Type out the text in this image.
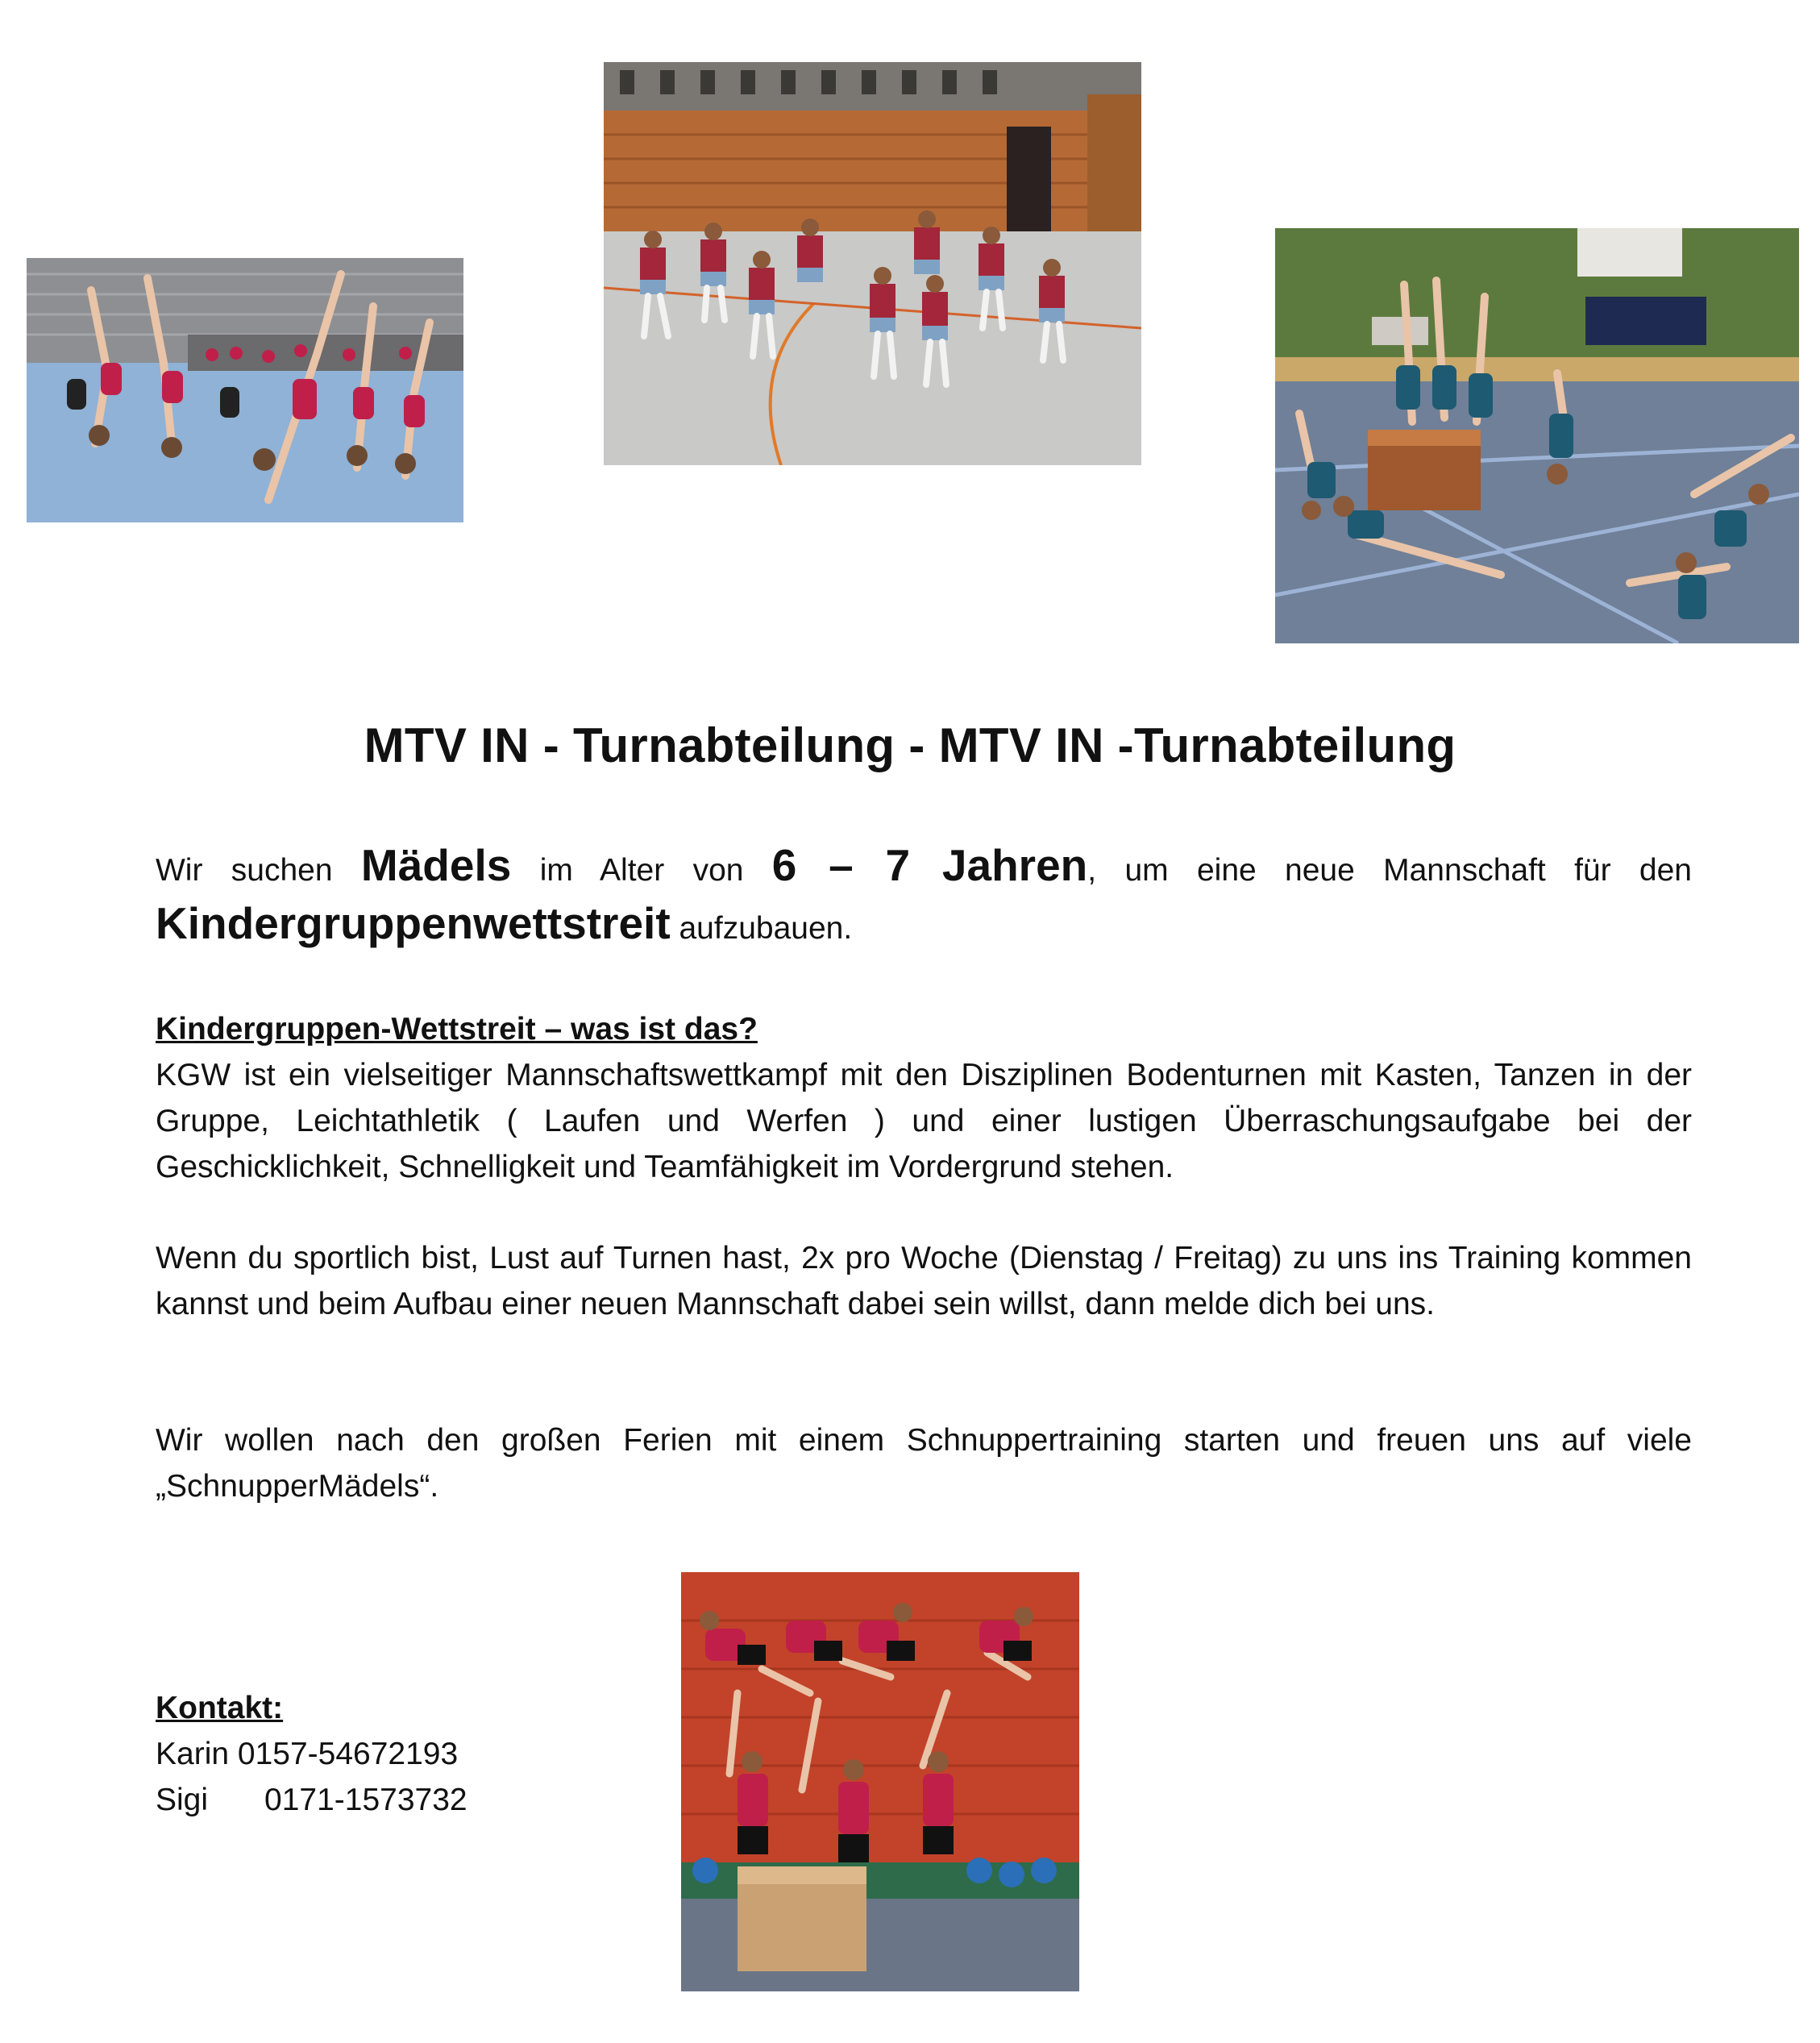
MTV IN - Turnabteilung - MTV IN -Turnabteilung
Wir suchen Mädels im Alter von 6 – 7 Jahren, um eine neue Mannschaft für den
Kindergruppenwettstreit aufzubauen.
Kindergruppen-Wettstreit – was ist das?
KGW ist ein vielseitiger Mannschaftswettkampf mit den Disziplinen Bodenturnen mit Kasten, Tanzen in der Gruppe, Leichtathletik ( Laufen und Werfen ) und einer lustigen Überraschungsaufgabe bei der Geschicklichkeit, Schnelligkeit und Teamfähigkeit im Vordergrund stehen.
Wenn du sportlich bist, Lust auf Turnen hast, 2x pro Woche (Dienstag / Freitag) zu uns ins Training kommen kannst und beim Aufbau einer neuen Mannschaft dabei sein willst, dann melde dich bei uns.
Wir wollen nach den großen Ferien mit einem Schnuppertraining starten und freuen uns auf viele „SchnupperMädels“.
Kontakt:
Karin 0157-54672193
Sigi 0171-1573732
